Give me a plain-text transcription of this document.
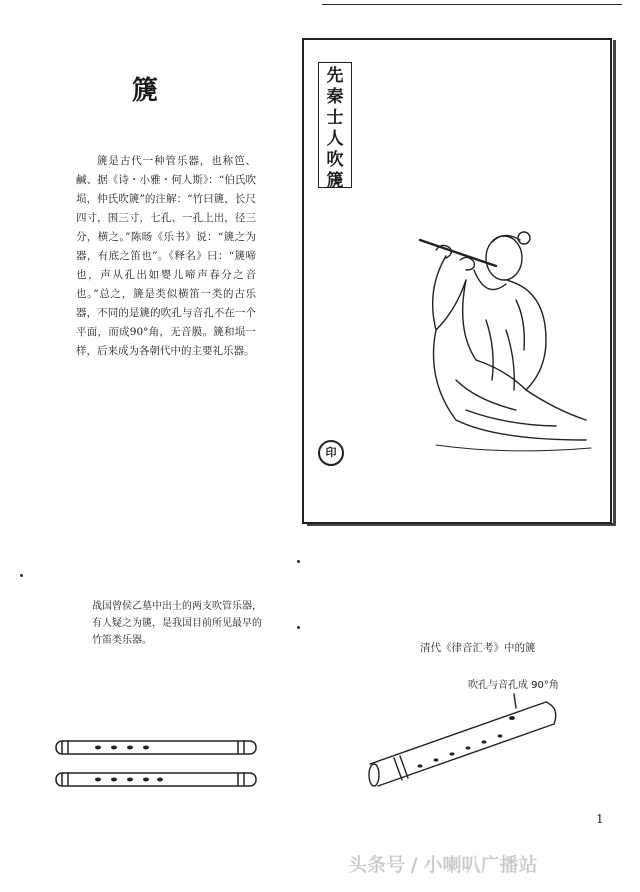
篪
篪是古代一种管乐器，也称笆、鹹、据《诗・小雅・何人斯》：“伯氏吹埙，仲氏吹篪”的注解：“竹曰篪，长尺四寸，围三寸，七孔、一孔上出，径三分，横之。”陈旸《乐书》说：“篪之为器，有底之笛也”。《释名》曰：“篪啼也，声从孔出如婴儿啼声春分之音也。”总之，篪是类似横笛一类的古乐器，不同的是篪的吹孔与音孔不在一个平面，而成90°角，无音膜。篪和埙一样，后来成为各朝代中的主要礼乐器。
先秦士人吹篪
印
战国曾侯乙墓中出土的两支吹管乐器，
有人疑之为篪，是我国目前所见最早的
竹笛类乐器。
清代《律音汇考》中的篪
吹孔与音孔成 90°角
1
头条号 / 小喇叭广播站
